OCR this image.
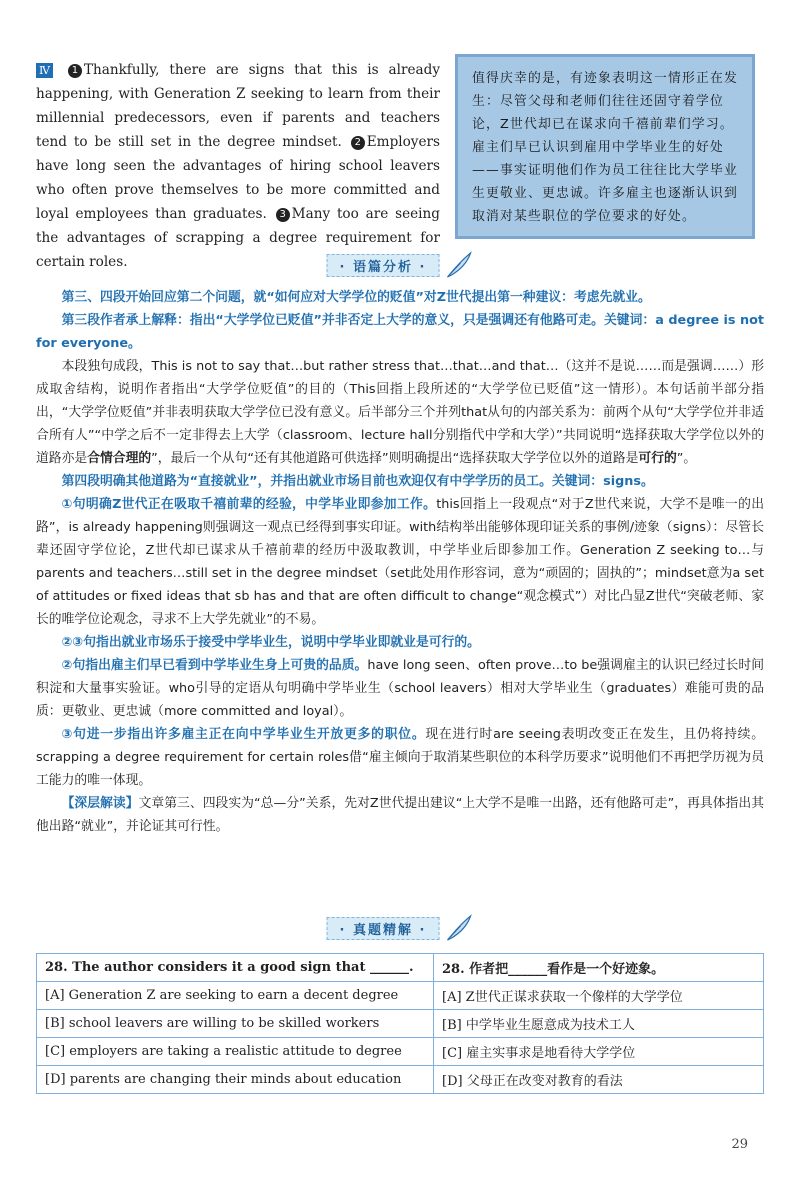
Ⅳ 1 Thankfully, there are signs that this is already happening, with Generation Z seeking to learn from their millennial predecessors, even if parents and teachers tend to be still set in the degree mindset. 2 Employers have long seen the advantages of hiring school leavers who often prove themselves to be more committed and loyal employees than graduates. 3 Many too are seeing the advantages of scrapping a degree requirement for certain roles.
值得庆幸的是，有迹象表明这一情形正在发生：尽管父母和老师们往往还固守着学位论，Z世代却已在谋求向千禧前辈们学习。雇主们早已认识到雇用中学毕业生的好处——事实证明他们作为员工往往比大学毕业生更敬业、更忠诚。许多雇主也逐渐认识到取消对某些职位的学位要求的好处。
· 语篇分析 ·

第三、四段开始回应第二个问题，就“如何应对大学学位的贬值”对Z世代提出第一种建议：考虑先就业。

第三段作者承上解释：指出“大学学位已贬值”并非否定上大学的意义，只是强调还有他路可走。关键词：a degree is not for everyone。

本段独句成段，This is not to say that…but rather stress that…that…and that…（这并不是说……而是强调……）形成取舍结构，说明作者指出“大学学位贬值”的目的（This回指上段所述的“大学学位已贬值”这一情形）。本句话前半部分指出，“大学学位贬值”并非表明获取大学学位已没有意义。后半部分三个并列that从句的内部关系为：前两个从句“大学学位并非适合所有人”“中学之后不一定非得去上大学（classroom、lecture hall分别指代中学和大学）”共同说明“选择获取大学学位以外的道路亦是合情合理的”，最后一个从句“还有其他道路可供选择”则明确提出“选择获取大学学位以外的道路是可行的”。

第四段明确其他道路为“直接就业”，并指出就业市场目前也欢迎仅有中学学历的员工。关键词：signs。

①句明确Z世代正在吸取千禧前辈的经验，中学毕业即参加工作。this回指上一段观点“对于Z世代来说，大学不是唯一的出路”，is already happening则强调这一观点已经得到事实印证。with结构举出能够体现印证关系的事例/迹象（signs）：尽管长辈还固守学位论，Z世代却已谋求从千禧前辈的经历中汲取教训，中学毕业后即参加工作。Generation Z seeking to…与parents and teachers…still set in the degree mindset（set此处用作形容词，意为“顽固的；固执的”；mindset意为a set of attitudes or fixed ideas that sb has and that are often difficult to change“观念模式”）对比凸显Z世代“突破老师、家长的唯学位论观念，寻求不上大学先就业”的不易。

②③句指出就业市场乐于接受中学毕业生，说明中学毕业即就业是可行的。

②句指出雇主们早已看到中学毕业生身上可贵的品质。have long seen、often prove…to be强调雇主的认识已经过长时间积淀和大量事实验证。who引导的定语从句明确中学毕业生（school leavers）相对大学毕业生（graduates）难能可贵的品质：更敬业、更忠诚（more committed and loyal）。

③句进一步指出许多雇主正在向中学毕业生开放更多的职位。现在进行时are seeing表明改变正在发生，且仍将持续。scrapping a degree requirement for certain roles借“雇主倾向于取消某些职位的本科学历要求”说明他们不再把学历视为员工能力的唯一体现。

【深层解读】文章第三、四段实为“总—分”关系，先对Z世代提出建议“上大学不是唯一出路，还有他路可走”，再具体指出其他出路“就业”，并论证其可行性。

· 真题精解 ·
28. The author considers it a good sign that ______.	28. 作者把______看作是一个好迹象。
[A] Generation Z are seeking to earn a decent degree	[A] Z世代正谋求获取一个像样的大学学位
[B] school leavers are willing to be skilled workers	[B] 中学毕业生愿意成为技术工人
[C] employers are taking a realistic attitude to degree	[C] 雇主实事求是地看待大学学位
[D] parents are changing their minds about education	[D] 父母正在改变对教育的看法
29
